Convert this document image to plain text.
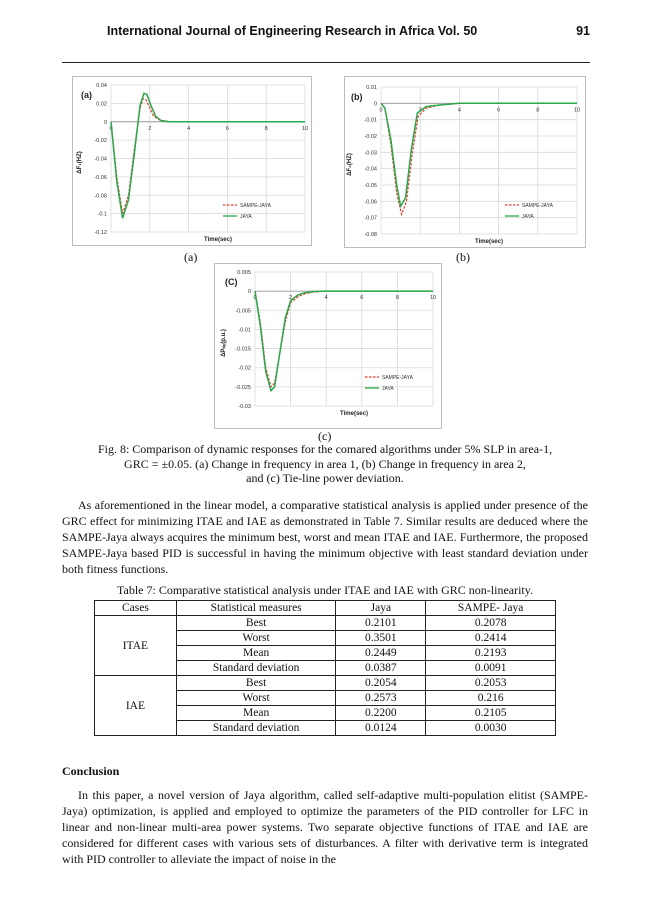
International Journal of Engineering Research in Africa Vol. 50	91
0.04
0.02
0
-0.02
-0.04
-0.06
-0.08
-0.1
-0.12
0	2	4	6	8	10
(a)
ΔF₁(HZ)
Time(sec)
SAMPE-JAYA
JAYA
0.01
0
-0.01
-0.02
-0.03
-0.04
-0.05
-0.06
-0.07
-0.08
0	2	4	6	8	10
(b)
ΔF₂(HZ)
Time(sec)
SAMPE-JAYA
JAYA
0.005
0
-0.005
-0.01
-0.015
-0.02
-0.025
-0.03
0	2	4	6	8	10
(C)
ΔPₜᵢₑ(p.u.)
Time(sec)
SAMPE-JAYA
JAYA
(a)	(b)
(c)
Fig. 8: Comparison of dynamic responses for the comared algorithms under 5% SLP in area-1,
GRC = ±0.05. (a) Change in frequency in area 1, (b) Change in frequency in area 2,
and (c) Tie-line power deviation.

As aforementioned in the linear model, a comparative statistical analysis is applied under presence of the GRC effect for minimizing ITAE and IAE as demonstrated in Table 7. Similar results are deduced where the SAMPE-Jaya always acquires the minimum best, worst and mean ITAE and IAE. Furthermore, the proposed SAMPE-Jaya based PID is successful in having the minimum objective with least standard deviation under both fitness functions.

Table 7: Comparative statistical analysis under ITAE and IAE with GRC non-linearity.
Cases	Statistical measures	Jaya	SAMPE- Jaya
ITAE	Best	0.2101	0.2078
	Worst	0.3501	0.2414
	Mean	0.2449	0.2193
	Standard deviation	0.0387	0.0091
IAE	Best	0.2054	0.2053
	Worst	0.2573	0.216
	Mean	0.2200	0.2105
	Standard deviation	0.0124	0.0030
Conclusion

In this paper, a novel version of Jaya algorithm, called self-adaptive multi-population elitist (SAMPE-Jaya) optimization, is applied and employed to optimize the parameters of the PID controller for LFC in linear and non-linear multi-area power systems. Two separate objective functions of ITAE and IAE are considered for different cases with various sets of disturbances. A filter with derivative term is integrated with PID controller to alleviate the impact of noise in the
